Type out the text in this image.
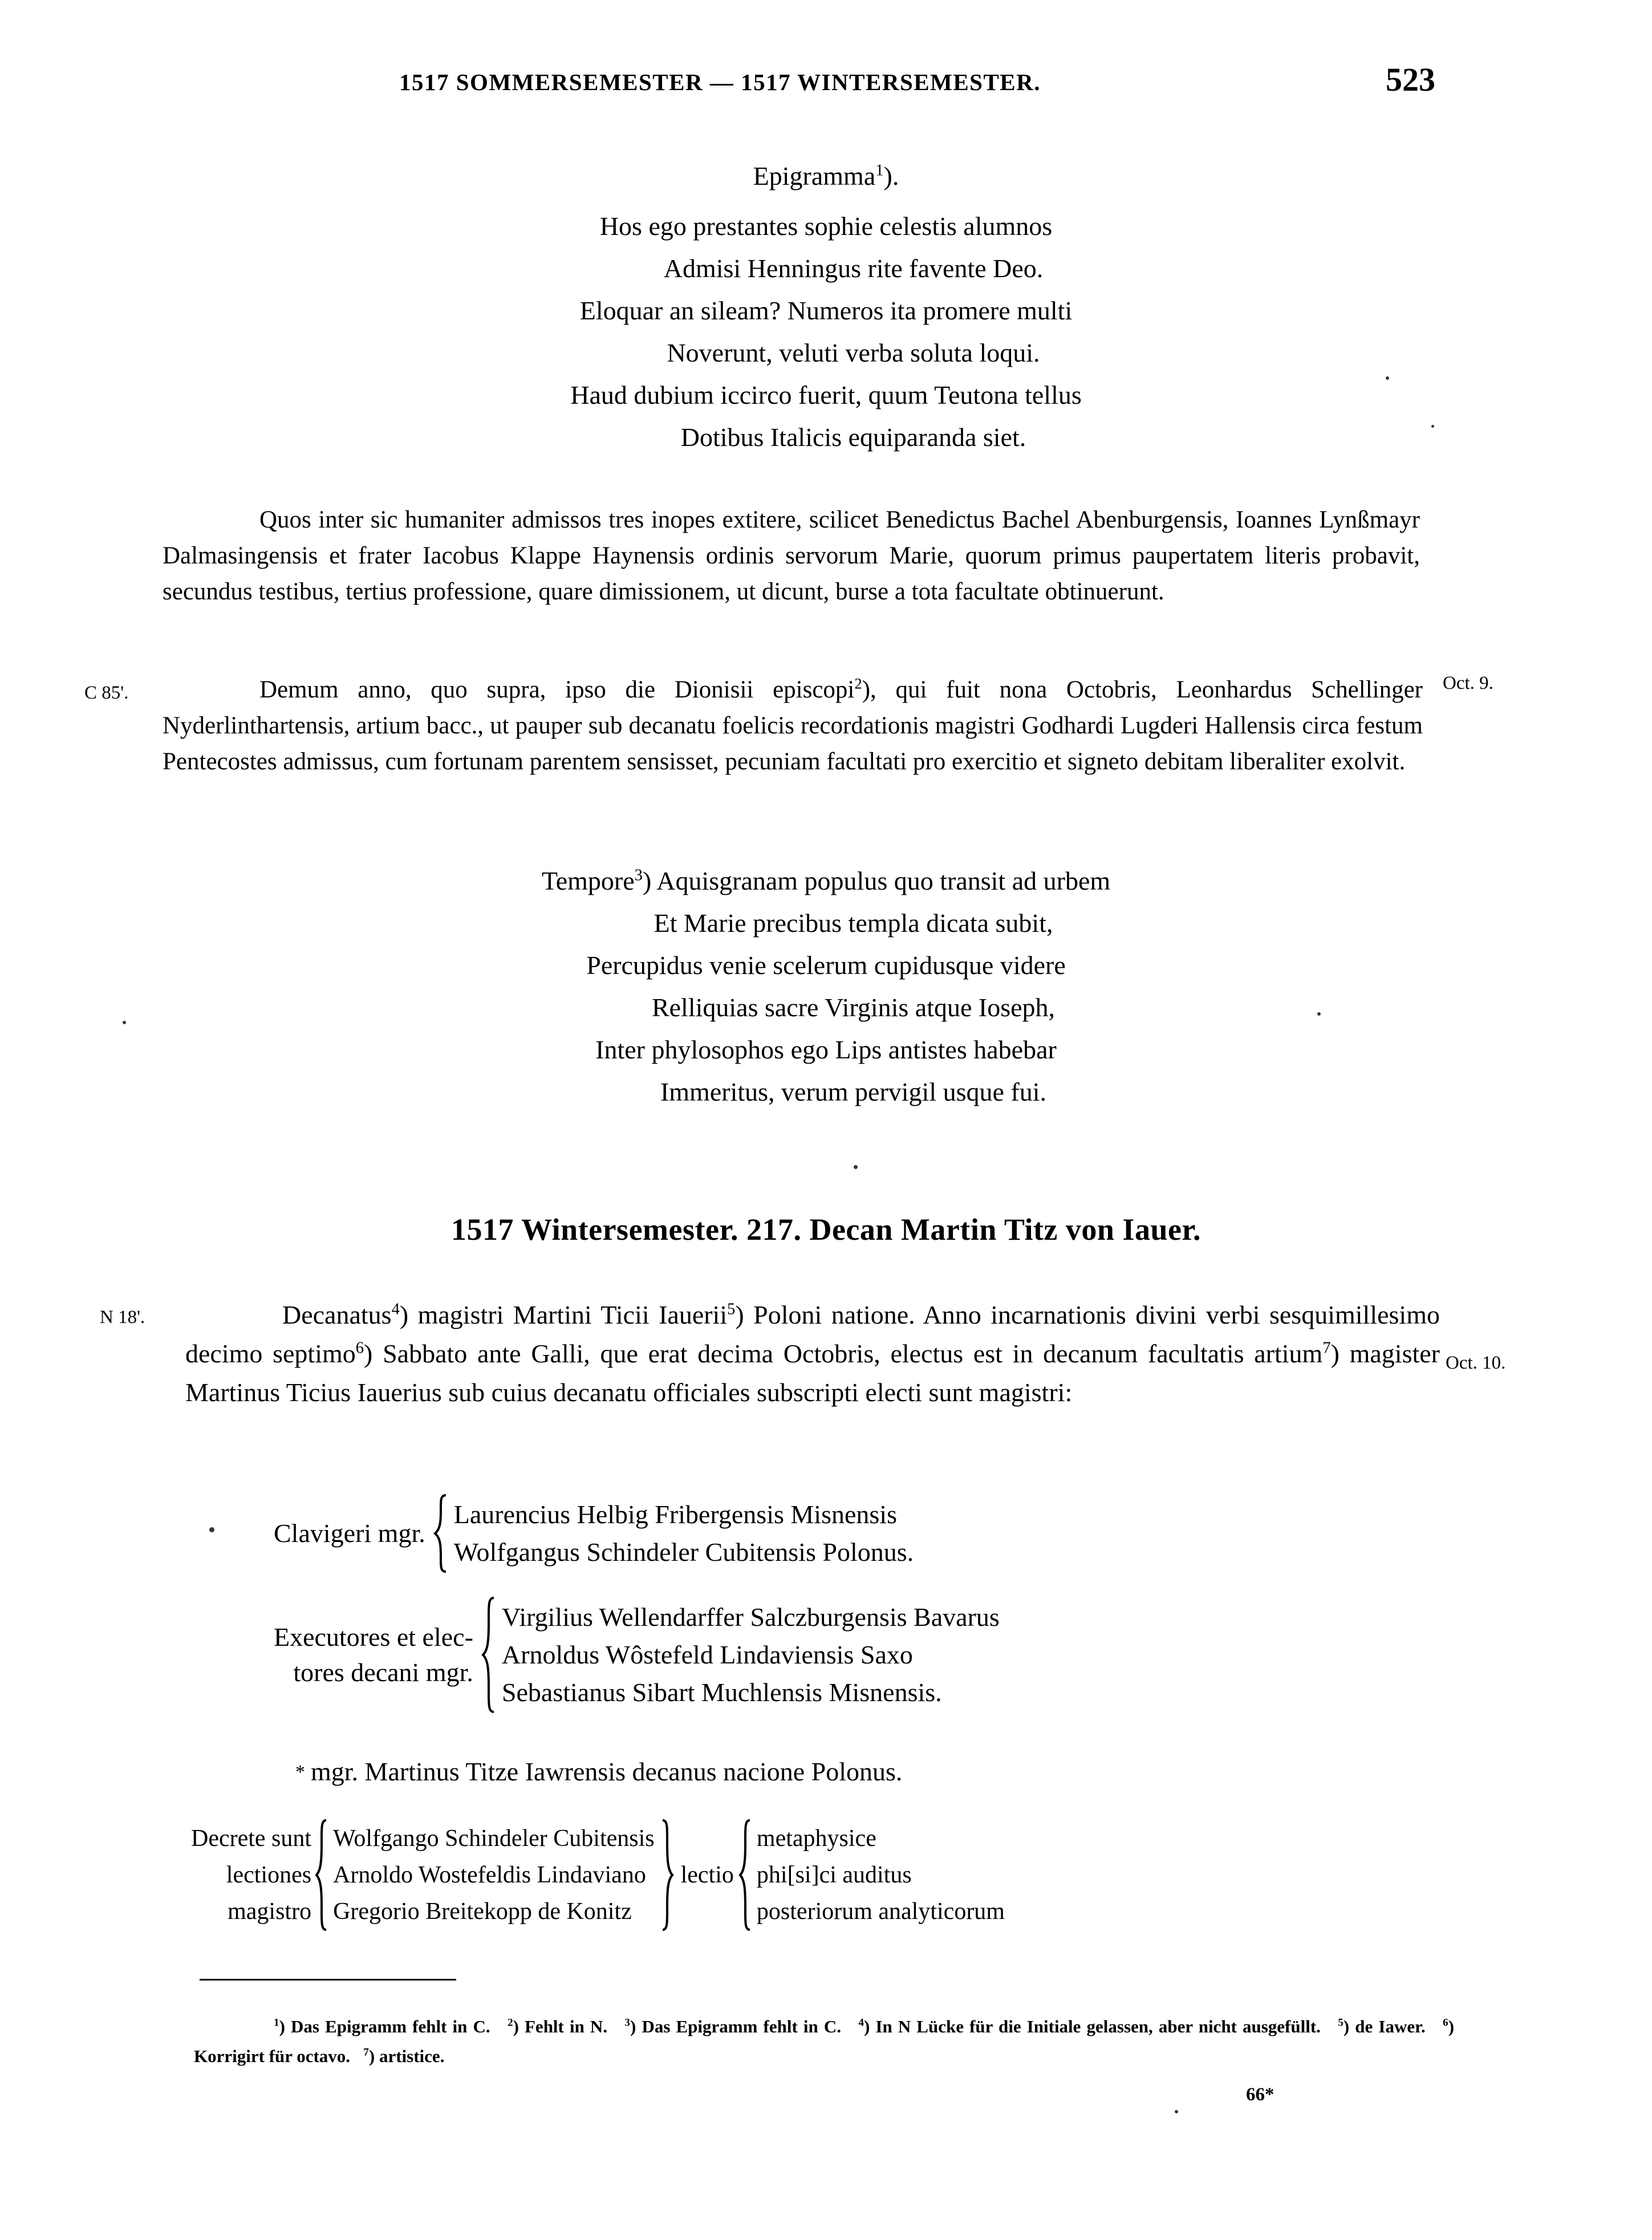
1517 SOMMERSEMESTER — 1517 WINTERSEMESTER.	523
Epigramma$^1$).
Hos ego prestantes sophie celestis alumnos
Admisi Henningus rite favente Deo.
Eloquar an sileam? Numeros ita promere multi
Noverunt, veluti verba soluta loqui.
Haud dubium iccirco fuerit, quum Teutona tellus
Dotibus Italicis equiparanda siet.
Quos inter sic humaniter admissos tres inopes extitere, scilicet Benedictus Bachel Abenburgensis, Ioannes Lynßmayr Dalmasingensis et frater Iacobus Klappe Haynensis ordinis servorum Marie, quorum primus paupertatem literis probavit, secundus testibus, tertius professione, quare dimissionem, ut dicunt, burse a tota facultate obtinuerunt.
C 85'.	Oct. 9.
Demum anno, quo supra, ipso die Dionisii episcopi$^2$), qui fuit nona Octobris, Leonhardus Schellinger Nyderlinthartensis, artium bacc., ut pauper sub decanatu foelicis recordationis magistri Godhardi Lugderi Hallensis circa festum Pentecostes admissus, cum fortunam parentem sensisset, pecuniam facultati pro exercitio et signeto debitam liberaliter exolvit.
Tempore$^3$) Aquisgranam populus quo transit ad urbem
Et Marie precibus templa dicata subit,
Percupidus venie scelerum cupidusque videre
Relliquias sacre Virginis atque Ioseph,
Inter phylosophos ego Lips antistes habebar
Immeritus, verum pervigil usque fui.
1517 Wintersemester. 217. Decan Martin Titz von Iauer.
N 18'.
Oct. 10.
Decanatus$^4$) magistri Martini Ticii Iauerii$^5$) Poloni natione. Anno incarnationis divini verbi sesquimillesimo decimo septimo$^6$) Sabbato ante Galli, que erat decima Octobris, electus est in decanum facultatis artium$^7$) magister Martinus Ticius Iauerius sub cuius decanatu officiales subscripti electi sunt magistri:
Clavigeri mgr.
Laurencius Helbig Fribergensis Misnensis
Wolfgangus Schindeler Cubitensis Polonus.
Executores et elec-
tores decani mgr.
Virgilius Wellendarffer Salczburgensis Bavarus
Arnoldus Wôstefeld Lindaviensis Saxo
Sebastianus Sibart Muchlensis Misnensis.
* mgr. Martinus Titze Iawrensis decanus nacione Polonus.
Decrete sunt
lectiones
magistro
Wolfgango Schindeler Cubitensis
Arnoldo Wostefeldis Lindaviano
Gregorio Breitekopp de Konitz
lectio
metaphysice
phi[si]ci auditus
posteriorum analyticorum
$^1$) Das Epigramm fehlt in C. $^2$) Fehlt in N. $^3$) Das Epigramm fehlt in C. $^4$) In N Lücke für die Initiale gelassen, aber nicht ausgefüllt. $^5$) de Iawer. $^6$) Korrigirt für octavo. $^7$) artistice.
66*
